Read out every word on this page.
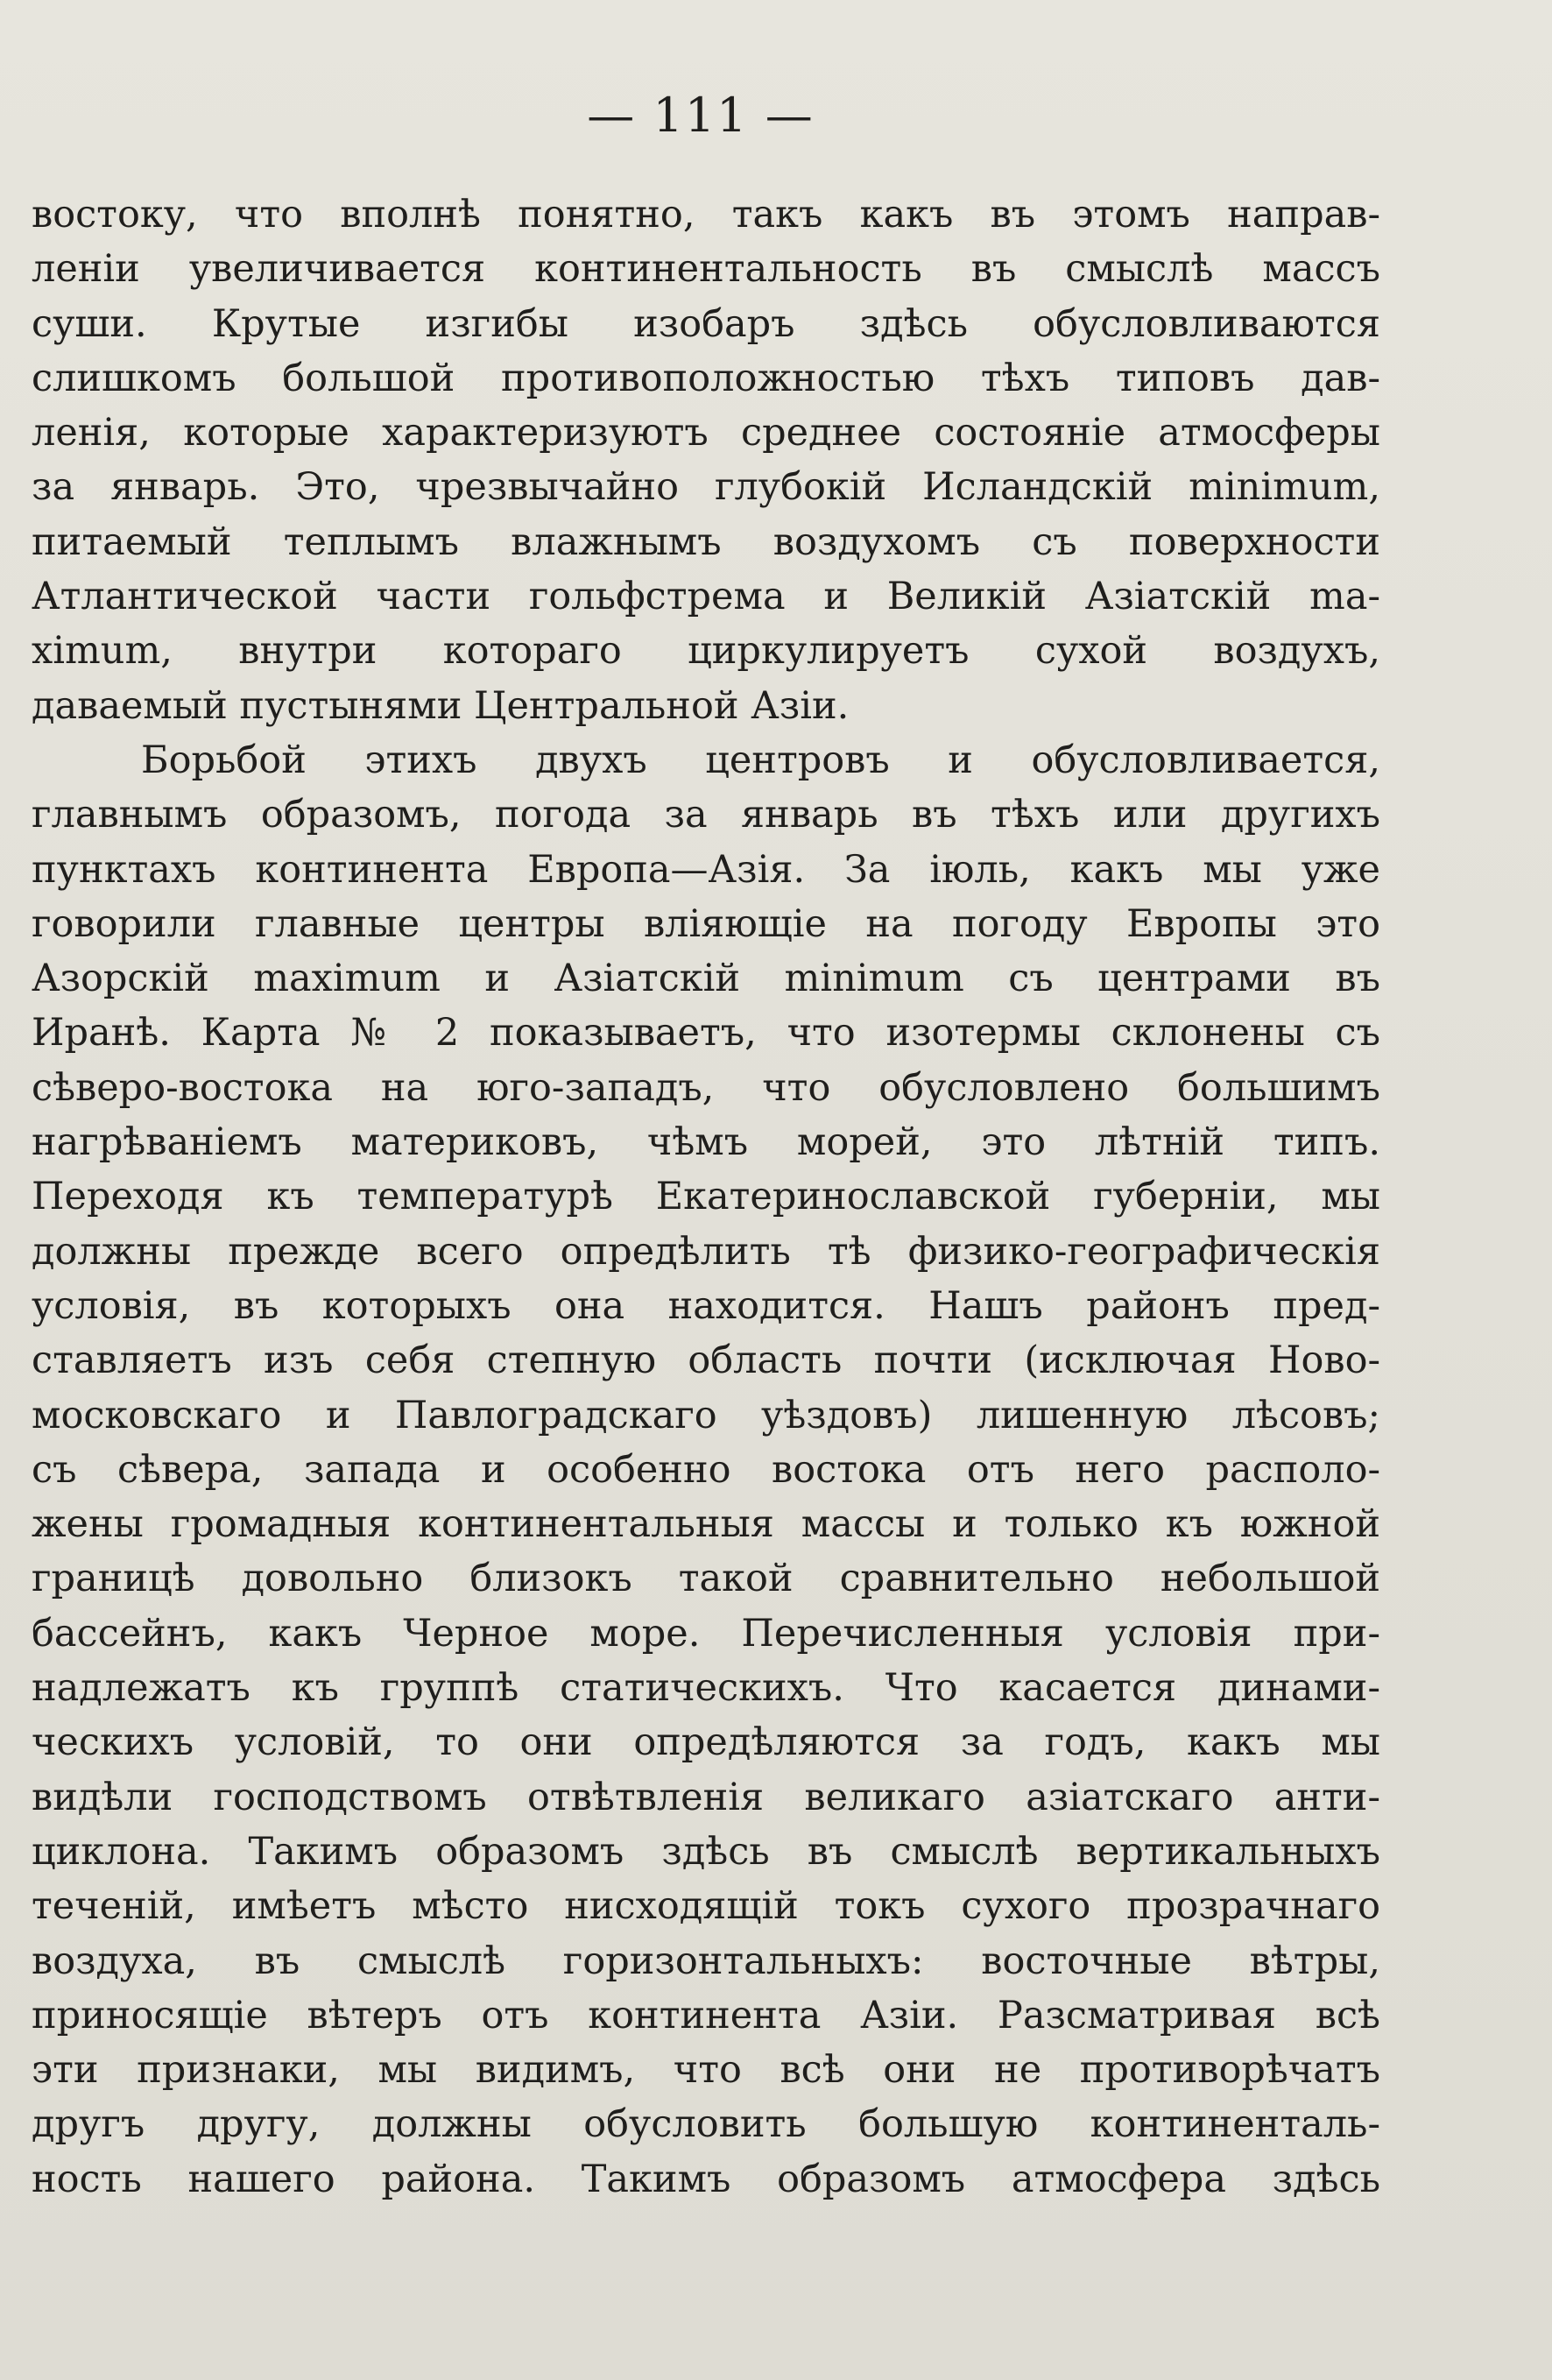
— 111 —
востоку, что вполнѣ понятно, такъ какъ въ этомъ направ-
леніи увеличивается континентальность въ смыслѣ массъ
суши. Крутые изгибы изобаръ здѣсь обусловливаются
слишкомъ большой противоположностью тѣхъ типовъ дав-
ленія, которые характеризуютъ среднее состояніе атмосферы
за январь. Это, чрезвычайно глубокій Исландскій minimum,
питаемый теплымъ влажнымъ воздухомъ съ поверхности
Атлантической части гольфстрема и Великій Азіатскій ma-
ximum, внутри котораго циркулируетъ сухой воздухъ,
даваемый пустынями Центральной Азіи.
Борьбой этихъ двухъ центровъ и обусловливается,
главнымъ образомъ, погода за январь въ тѣхъ или другихъ
пунктахъ континента Европа—Азія. За іюль, какъ мы уже
говорили главные центры вліяющіе на погоду Европы это
Азорскій maximum и Азіатскій minimum съ центрами въ
Иранѣ. Карта № 2 показываетъ, что изотермы склонены съ
сѣверо-востока на юго-западъ, что обусловлено большимъ
нагрѣваніемъ материковъ, чѣмъ морей, это лѣтній типъ.
Переходя къ температурѣ Екатеринославской губерніи, мы
должны прежде всего опредѣлить тѣ физико-географическія
условія, въ которыхъ она находится. Нашъ районъ пред-
ставляетъ изъ себя степную область почти (исключая Ново-
московскаго и Павлоградскаго уѣздовъ) лишенную лѣсовъ;
съ сѣвера, запада и особенно востока отъ него располо-
жены громадныя континентальныя массы и только къ южной
границѣ довольно близокъ такой сравнительно небольшой
бассейнъ, какъ Черное море. Перечисленныя условія при-
надлежатъ къ группѣ статическихъ. Что касается динами-
ческихъ условій, то они опредѣляются за годъ, какъ мы
видѣли господствомъ отвѣтвленія великаго азіатскаго анти-
циклона. Такимъ образомъ здѣсь въ смыслѣ вертикальныхъ
теченій, имѣетъ мѣсто нисходящій токъ сухого прозрачнаго
воздуха, въ смыслѣ горизонтальныхъ: восточные вѣтры,
приносящіе вѣтеръ отъ континента Азіи. Разсматривая всѣ
эти признаки, мы видимъ, что всѣ они не противорѣчатъ
другъ другу, должны обусловить большую континенталь-
ность нашего района. Такимъ образомъ атмосфера здѣсь
